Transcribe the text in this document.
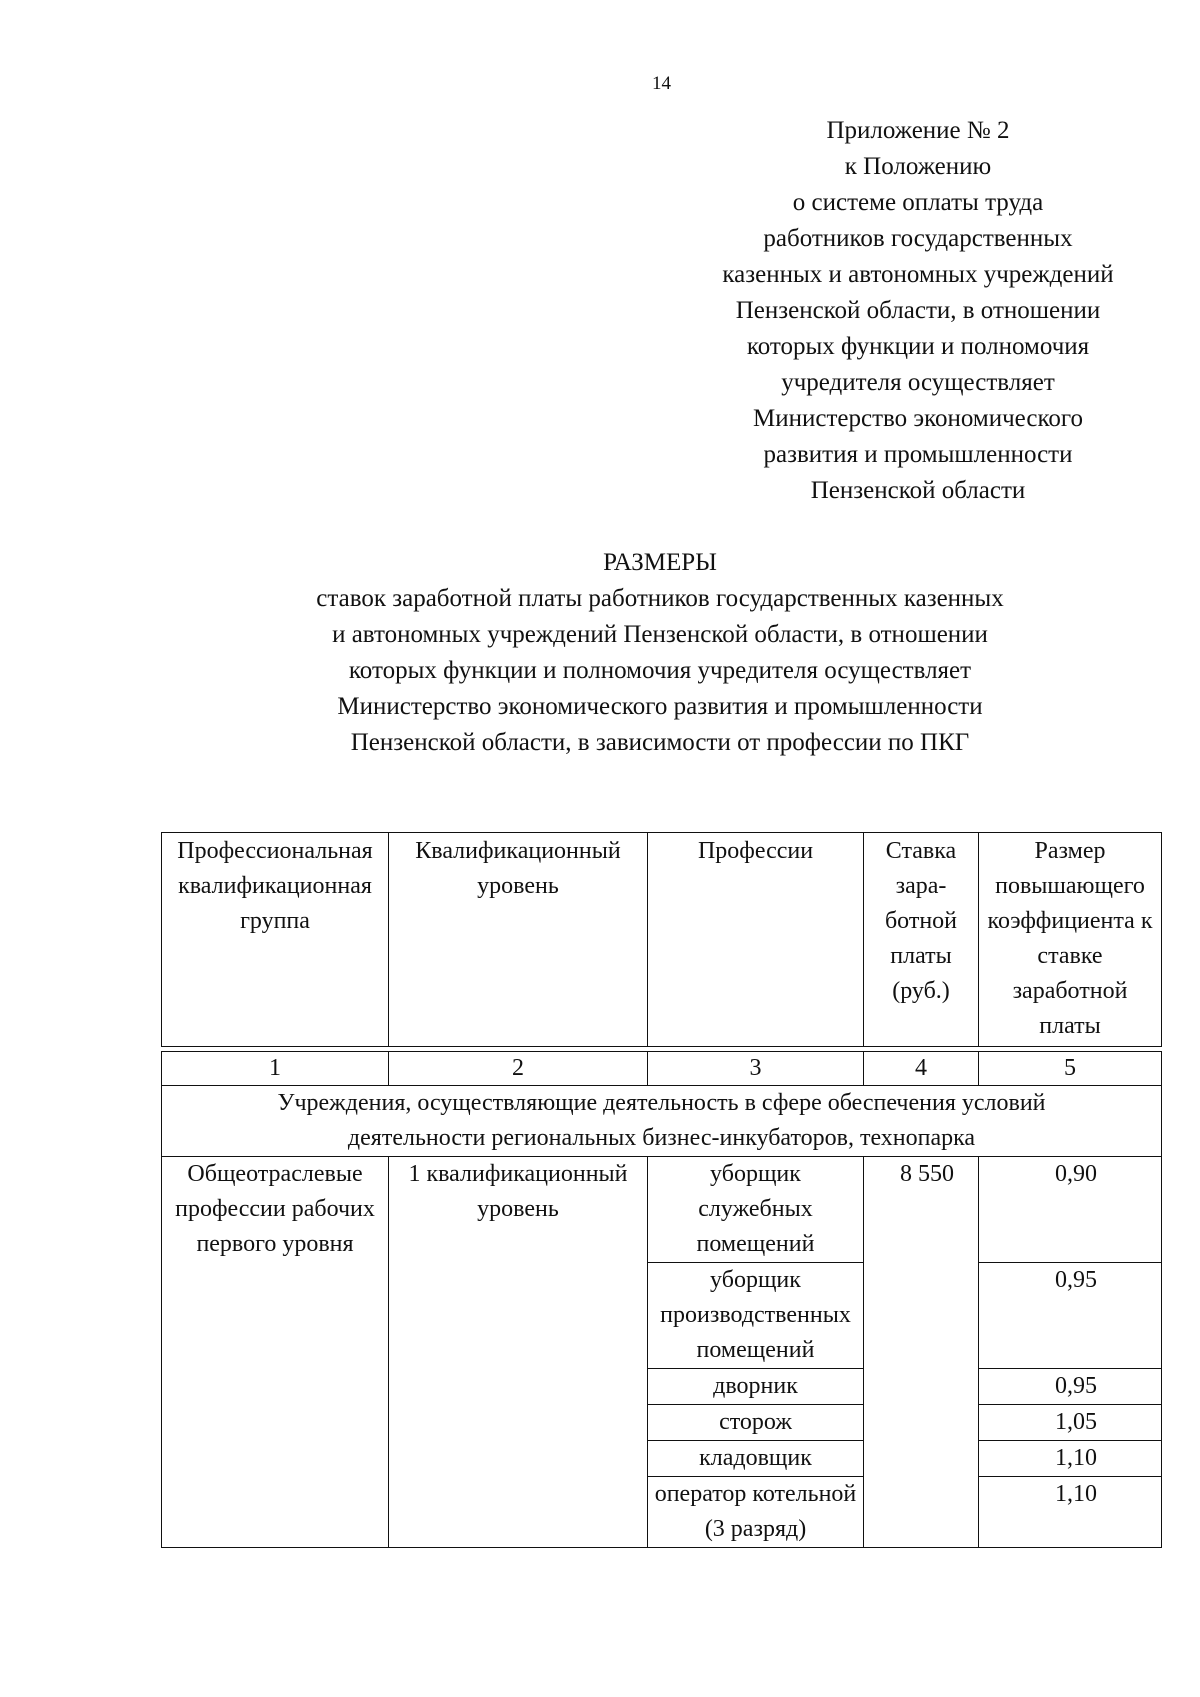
14
Приложение № 2
к Положению
о системе оплаты труда
работников государственных
казенных и автономных учреждений
Пензенской области, в отношении
которых функции и полномочия
учредителя осуществляет
Министерство экономического
развития и промышленности
Пензенской области
РАЗМЕРЫ
ставок заработной платы работников государственных казенных
и автономных учреждений Пензенской области, в отношении
которых функции и полномочия учредителя осуществляет
Министерство экономического развития и промышленности
Пензенской области, в зависимости от профессии по ПКГ
Профессиональная квалификационная группа	Квалификационный уровень	Профессии	Ставка зара-ботной платы (руб.)	Размер повышающего коэффициента к ставке заработной платы

1	2	3	4	5
Учреждения, осуществляющие деятельность в сфере обеспечения условий деятельности региональных бизнес-инкубаторов, технопарка				
Общеотраслевые профессии рабочих первого уровня	1 квалификационный уровень	уборщик служебных помещений	8 550	0,90
		уборщик производственных помещений		0,95
		дворник		0,95
		сторож		1,05
		кладовщик		1,10
		оператор котельной (3 разряд)		1,10
